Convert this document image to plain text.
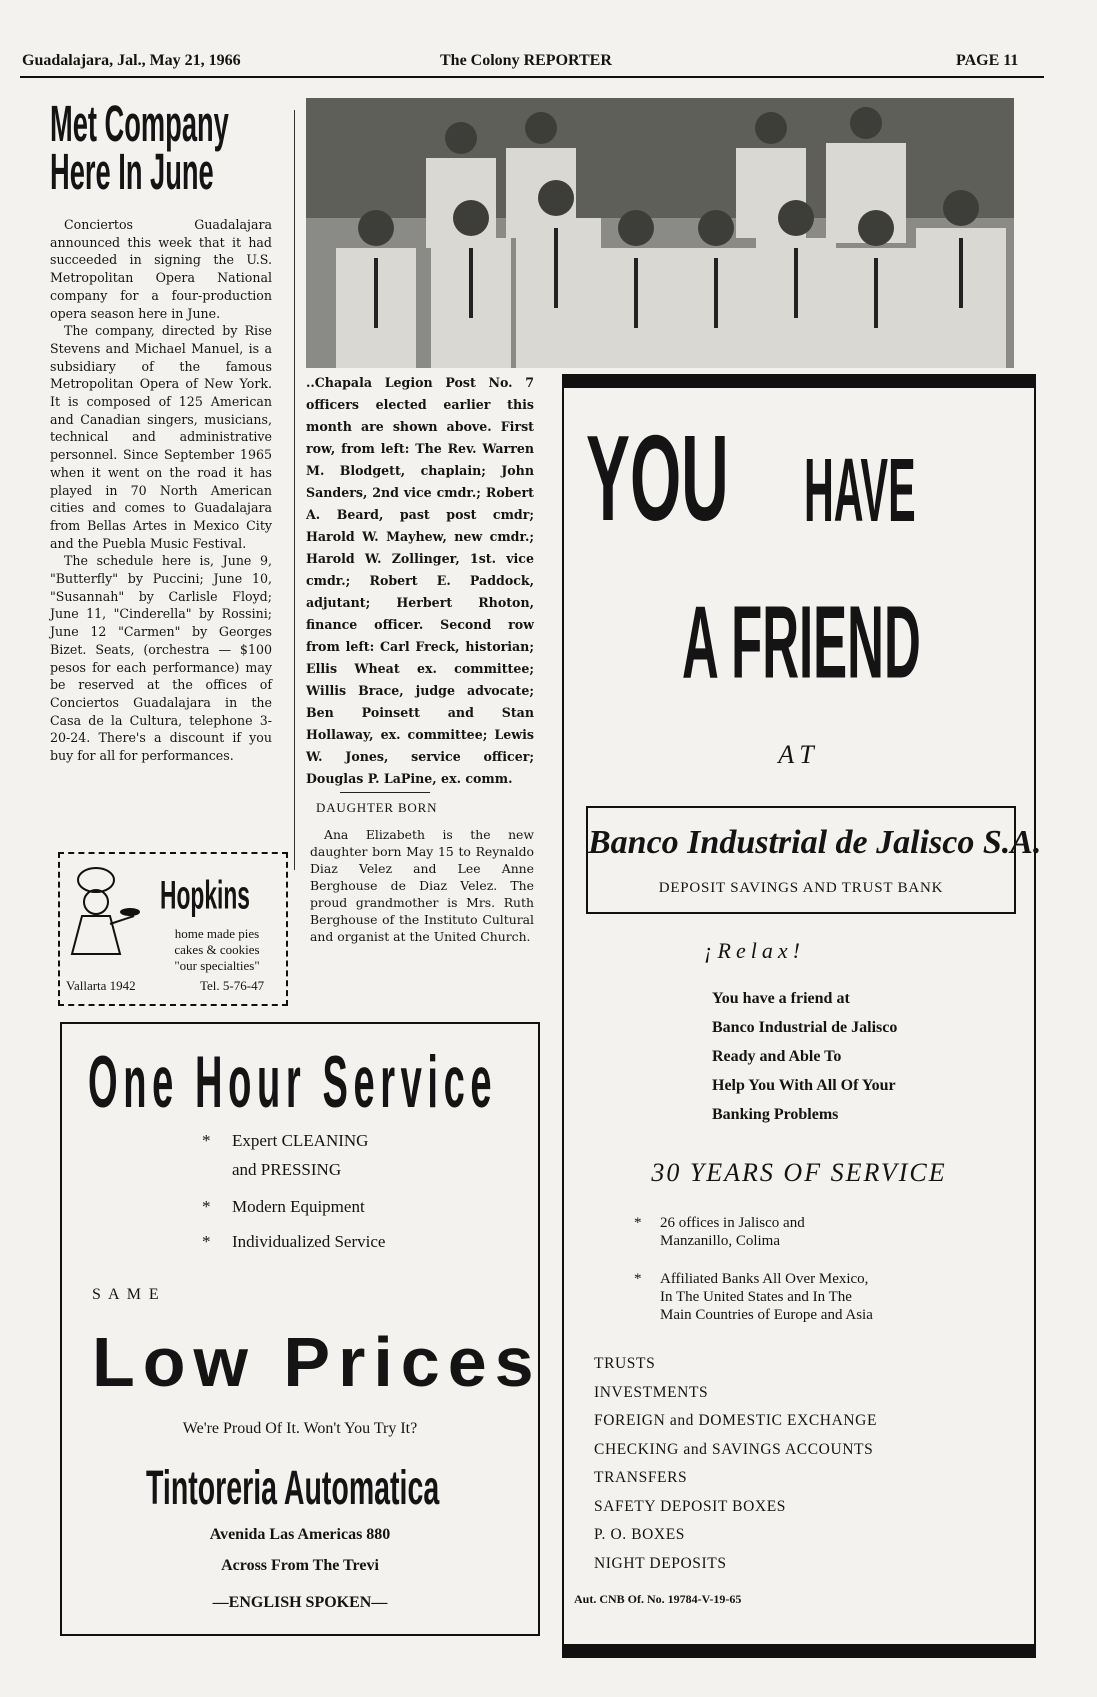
Guadalajara, Jal., May 21, 1966	The Colony REPORTER	PAGE 11
Met Company
Here In June

Conciertos Guadalajara announced this week that it had succeeded in signing the U.S. Metropolitan Opera National company for a four-production opera season here in June.

The company, directed by Rise Stevens and Michael Manuel, is a subsidiary of the famous Metropolitan Opera of New York. It is composed of 125 American and Canadian singers, musicians, technical and administrative personnel. Since September 1965 when it went on the road it has played in 70 North American cities and comes to Guadalajara from Bellas Artes in Mexico City and the Puebla Music Festival.

The schedule here is, June 9, "Butterfly" by Puccini; June 10, "Susannah" by Carlisle Floyd; June 11, "Cinderella" by Rossini; June 12 "Carmen" by Georges Bizet. Seats, (orchestra — $100 pesos for each performance) may be reserved at the offices of Conciertos Guadalajara in the Casa de la Cultura, telephone 3-20-24. There's a discount if you buy for all for performances.

Hopkins
home made pies
cakes & cookies
"our specialties"
Vallarta 1942	Tel. 5-76-47
..Chapala Legion Post No. 7 officers elected earlier this month are shown above. First row, from left: The Rev. Warren M. Blodgett, chaplain; John Sanders, 2nd vice cmdr.; Robert A. Beard, past post cmdr; Harold W. Mayhew, new cmdr.; Harold W. Zollinger, 1st. vice cmdr.; Robert E. Paddock, adjutant; Herbert Rhoton, finance officer. Second row from left: Carl Freck, historian; Ellis Wheat ex. committee; Willis Brace, judge advocate; Ben Poinsett and Stan Hollaway, ex. committee; Lewis W. Jones, service officer; Douglas P. LaPine, ex. comm.
DAUGHTER BORN
Ana Elizabeth is the new daughter born May 15 to Reynaldo Diaz Velez and Lee Anne Berghouse de Diaz Velez. The proud grandmother is Mrs. Ruth Berghouse of the Instituto Cultural and organist at the United Church.
One Hour Service
*	Expert CLEANING
and PRESSING
*	Modern Equipment
*	Individualized Service
S A M E
Low Prices
We're Proud Of It. Won't You Try It?
Tintoreria Automatica
Avenida Las Americas 880
Across From The Trevi
—ENGLISH SPOKEN—
YOU HAVE
A FRIEND
AT
Banco Industrial de Jalisco S.A.
DEPOSIT SAVINGS AND TRUST BANK
¡Relax!
You have a friend at
Banco Industrial de Jalisco
Ready and Able To
Help You With All Of Your
Banking Problems
30 YEARS OF SERVICE
*	26 offices in Jalisco and
Manzanillo, Colima
*	Affiliated Banks All Over Mexico,
In The United States and In The
Main Countries of Europe and Asia
TRUSTS
INVESTMENTS
FOREIGN and DOMESTIC EXCHANGE
CHECKING and SAVINGS ACCOUNTS
TRANSFERS
SAFETY DEPOSIT BOXES
P. O. BOXES
NIGHT DEPOSITS
Aut. CNB Of. No. 19784-V-19-65
